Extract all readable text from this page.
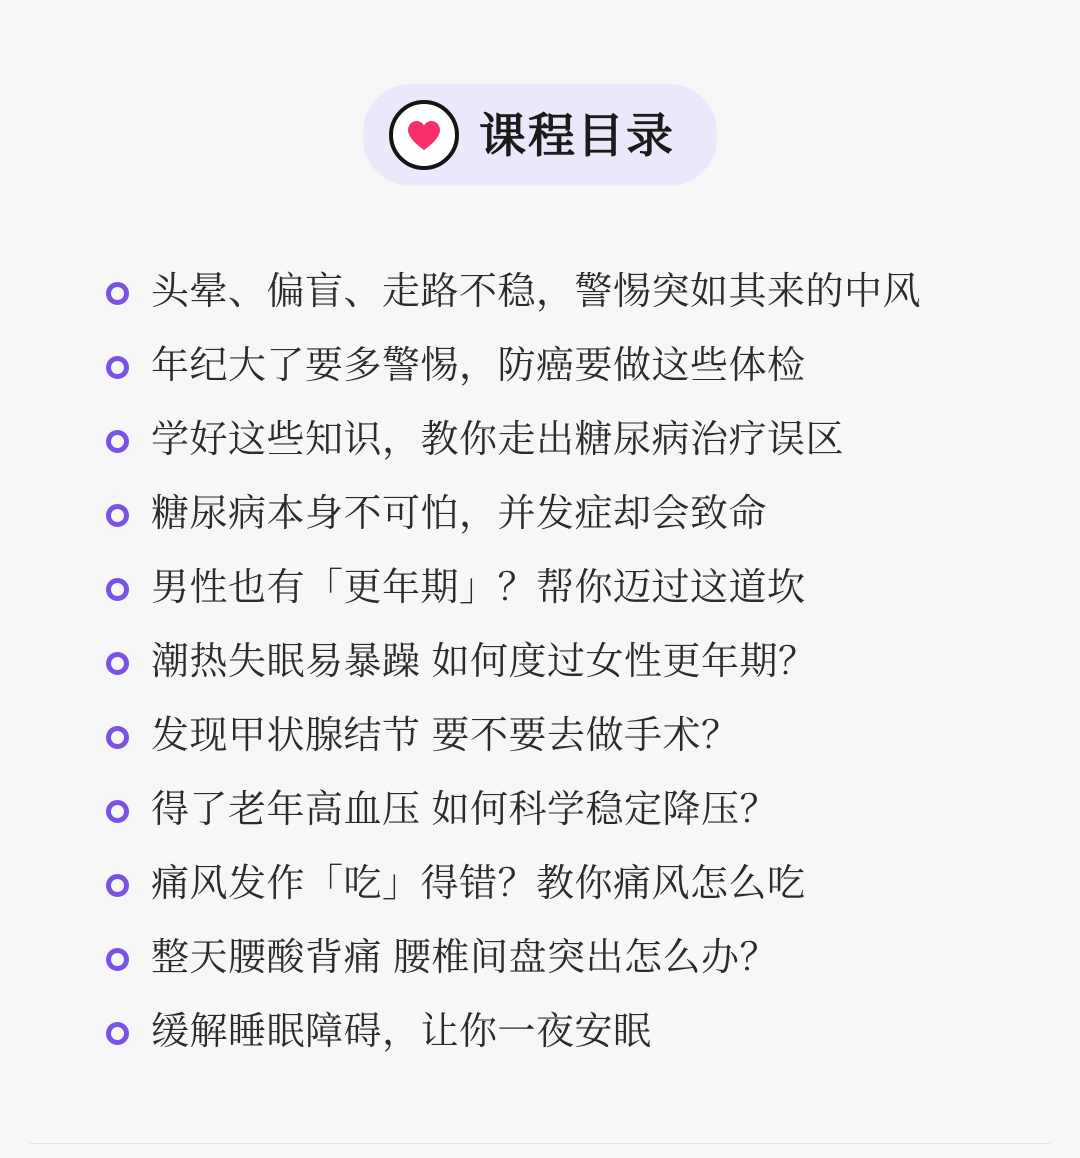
课程目录
头晕、偏盲、走路不稳，警惕突如其来的中风
年纪大了要多警惕，防癌要做这些体检
学好这些知识，教你走出糖尿病治疗误区
糖尿病本身不可怕，并发症却会致命
男性也有「更年期」？帮你迈过这道坎
潮热失眠易暴躁 如何度过女性更年期？
发现甲状腺结节 要不要去做手术？
得了老年高血压 如何科学稳定降压？
痛风发作「吃」得错？教你痛风怎么吃
整天腰酸背痛 腰椎间盘突出怎么办？
缓解睡眠障碍，让你一夜安眠
